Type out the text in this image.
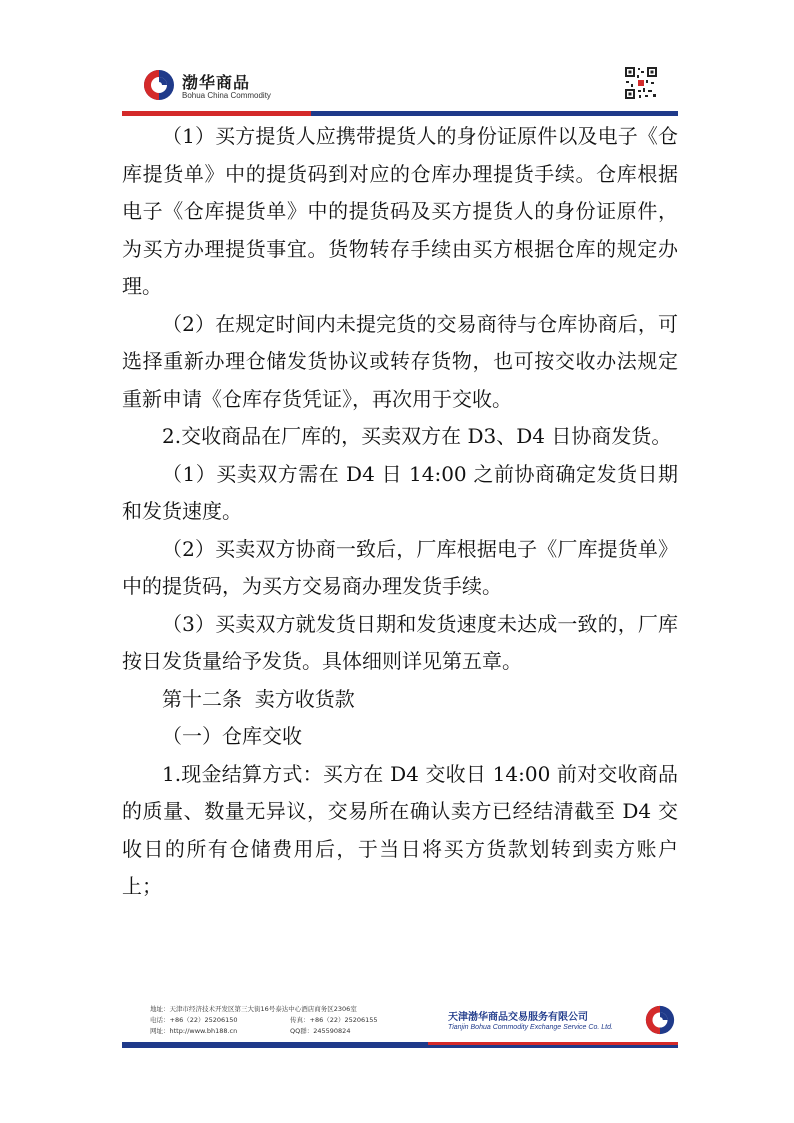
渤华商品
Bohua China Commodity

（1）买方提货人应携带提货人的身份证原件以及电子《仓库提货单》中的提货码到对应的仓库办理提货手续。仓库根据电子《仓库提货单》中的提货码及买方提货人的身份证原件，为买方办理提货事宜。货物转存手续由买方根据仓库的规定办理。

（2）在规定时间内未提完货的交易商待与仓库协商后，可选择重新办理仓储发货协议或转存货物，也可按交收办法规定重新申请《仓库存货凭证》，再次用于交收。

2.交收商品在厂库的，买卖双方在 D3、D4 日协商发货。

（1）买卖双方需在 D4 日 14:00 之前协商确定发货日期和发货速度。

（2）买卖双方协商一致后，厂库根据电子《厂库提货单》中的提货码，为买方交易商办理发货手续。

（3）买卖双方就发货日期和发货速度未达成一致的，厂库按日发货量给予发货。具体细则详见第五章。

第十二条  卖方收货款

（一）仓库交收

1.现金结算方式：买方在 D4 交收日 14:00 前对交收商品的质量、数量无异议，交易所在确认卖方已经结清截至 D4 交收日的所有仓储费用后，于当日将买方货款划转到卖方账户上；

地址：天津市经济技术开发区第三大街16号泰达中心酒店商务区2306室
电话：+86（22）25206150	传真：+86（22）25206155
网址：http://www.bh188.cn	QQ群：245590824
天津渤华商品交易服务有限公司
Tianjin Bohua Commodity Exchange Service Co. Ltd.
